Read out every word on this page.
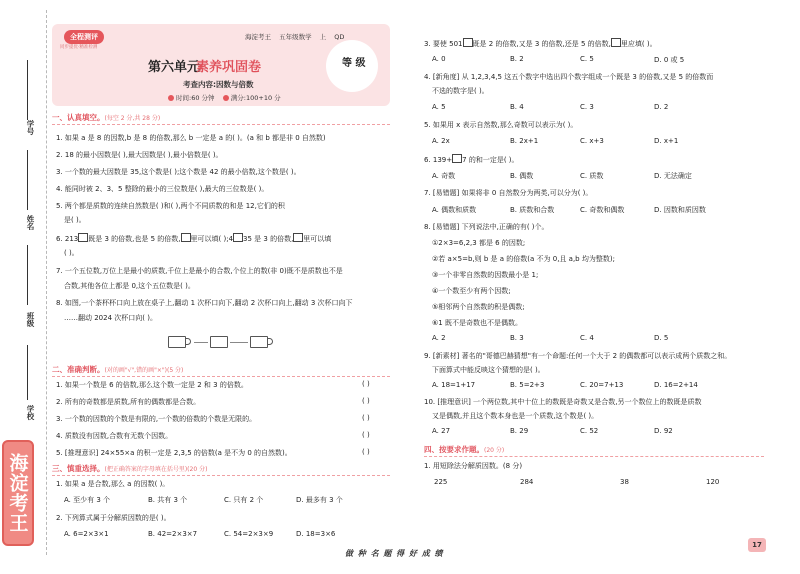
学号
姓名
班级
学校
海淀考王
全程测评
同步提优·精准检测
海淀考王 五年级数学 上 QD
第六单元
素养巩固卷	等 级
考查内容:因数与倍数
时间:60 分钟	满分:100+10 分
一、认真填空。(每空 2 分,共 28 分)
1. 如果 a 是 8 的因数,b 是 8 的倍数,那么 b 一定是 a 的( )。(a 和 b 都是非 0 自然数)
2. 18 的最小因数是( ),最大因数是( ),最小倍数是( )。
3. 一个数的最大因数是 35,这个数是( );这个数是 42 的最小倍数,这个数是( )。
4. 能同时被 2、3、5 整除的最小的三位数是( ),最大的三位数是( )。
5. 两个都是质数的连续自然数是( )和( ),两个不同质数的和是 12,它们的积
是( )。
6. 213 既是 3 的倍数,也是 5 的倍数, 里可以填( );4 35 是 3 的倍数, 里可以填
( )。
7. 一个五位数,万位上是最小的质数,千位上是最小的合数,个位上的数(非 0)既不是质数也不是
合数,其他各位上都是 0,这个五位数是( )。
8. 如图,一个茶杯杯口向上放在桌子上,翻动 1 次杯口向下,翻动 2 次杯口向上,翻动 3 次杯口向下
……翻动 2024 次杯口向( )。
二、准确判断。(对的画"√",错的画"×")(5 分)
1. 如果一个数是 6 的倍数,那么这个数一定是 2 和 3 的倍数。	( )
2. 所有的奇数都是质数,所有的偶数都是合数。	( )
3. 一个数的因数的个数是有限的,一个数的倍数的个数是无限的。	( )
4. 质数没有因数,合数有无数个因数。	( )
5. [推理意识] 24×55×a 的积一定是 2,3,5 的倍数(a 是不为 0 的自然数)。	( )
三、慎重选择。(把正确答案的字母填在括号里)(20 分)
1. 如果 a 是合数,那么 a 的因数( )。
A. 至少有 3 个	B. 共有 3 个	C. 只有 2 个	D. 最多有 3 个
2. 下列算式属于分解质因数的是( )。
A. 6=2×3×1	B. 42=2×3×7	C. 54=2×3×9	D. 18=3×6
3. 要使 501 既是 2 的倍数,又是 3 的倍数,还是 5 的倍数, 里应填( )。
A. 0	B. 2	C. 5	D. 0 或 5
4. [新角度] 从 1,2,3,4,5 这五个数字中选出四个数字组成一个既是 3 的倍数,又是 5 的倍数而
不选的数字是( )。
A. 5	B. 4	C. 3	D. 2
5. 如果用 x 表示自然数,那么奇数可以表示为( )。
A. 2x	B. 2x+1	C. x+3	D. x+1
6. 139+ 7 的和一定是( )。
A. 奇数	B. 偶数	C. 质数	D. 无法确定
7. [易错题] 如果将非 0 自然数分为两类,可以分为( )。
A. 偶数和质数	B. 质数和合数	C. 奇数和偶数	D. 因数和质因数
8. [易错题] 下列说法中,正确的有( )个。
①2×3=6,2,3 都是 6 的因数;
②若 a×5=b,则 b 是 a 的倍数(a 不为 0,且 a,b 均为整数);
③一个非零自然数的因数最小是 1;
④一个数至少有两个因数;
⑤相邻两个自然数的积是偶数;
⑥1 既不是奇数也不是偶数。
A. 2	B. 3	C. 4	D. 5
9. [新素材] 著名的"哥德巴赫猜想"有一个命题:任何一个大于 2 的偶数都可以表示成两个质数之和。
下面算式中能反映这个猜想的是( )。
A. 18=1+17	B. 5=2+3	C. 20=7+13	D. 16=2+14
10. [推理意识] 一个两位数,其中十位上的数既是奇数又是合数,另一个数位上的数既是质数
又是偶数,并且这个数本身也是一个质数,这个数是( )。
A. 27	B. 29	C. 52	D. 92
四、按要求作题。(20 分)
1. 用短除法分解质因数。(8 分)
225	284	38	120
做 种 名 题 得 好 成 绩
17
